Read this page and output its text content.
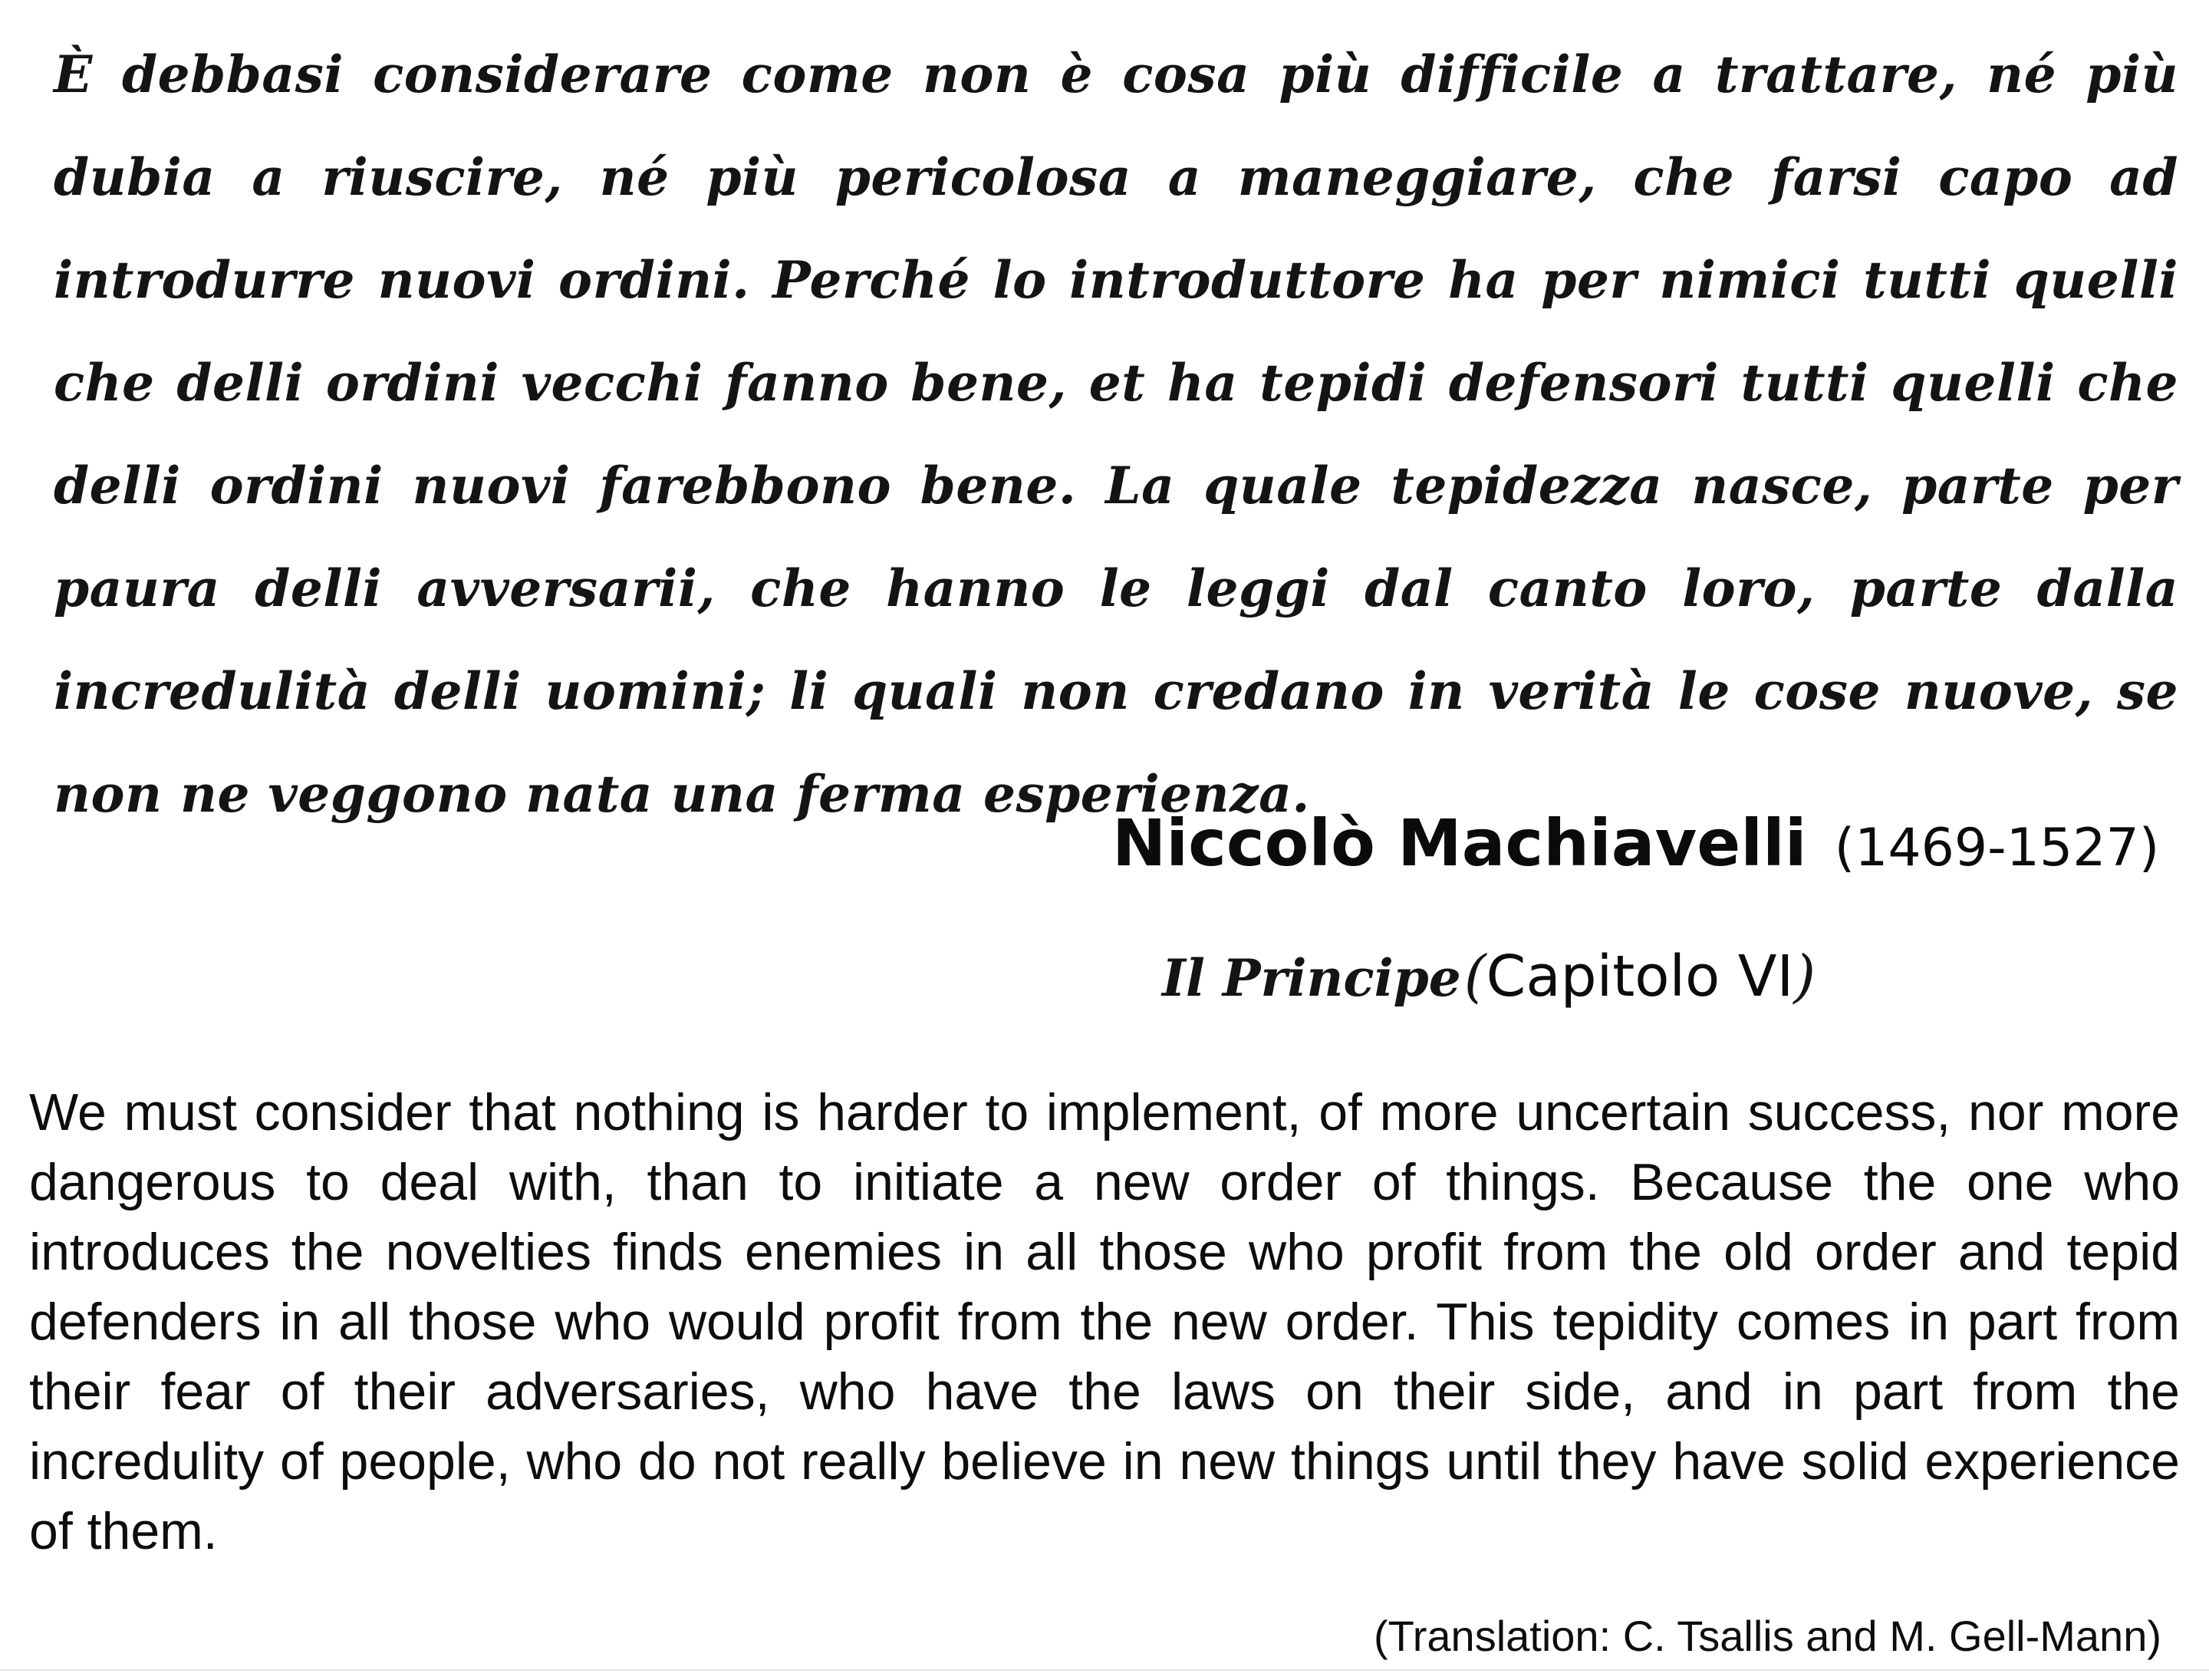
È debbasi considerare come non è cosa più difficile a trattare, né più dubia a riuscire, né più pericolosa a maneggiare, che farsi capo ad introdurre nuovi ordini. Perché lo introduttore ha per nimici tutti quelli che delli ordini vecchi fanno bene, et ha tepidi defensori tutti quelli che delli ordini nuovi farebbono bene. La quale tepidezza nasce, parte per paura delli avversarii, che hanno le leggi dal canto loro, parte dalla incredulità delli uomini; li quali non credano in verità le cose nuove, se non ne veggono nata una ferma esperienza.

Niccolò Machiavelli (1469-1527)
Il Principe (Capitolo VI)

We must consider that nothing is harder to implement, of more uncertain success, nor more dangerous to deal with, than to initiate a new order of things. Because the one who introduces the novelties finds enemies in all those who profit from the old order and tepid defenders in all those who would profit from the new order. This tepidity comes in part from their fear of their adversaries, who have the laws on their side, and in part from the incredulity of people, who do not really believe in new things until they have solid experience of them.

(Translation: C. Tsallis and M. Gell-Mann)
